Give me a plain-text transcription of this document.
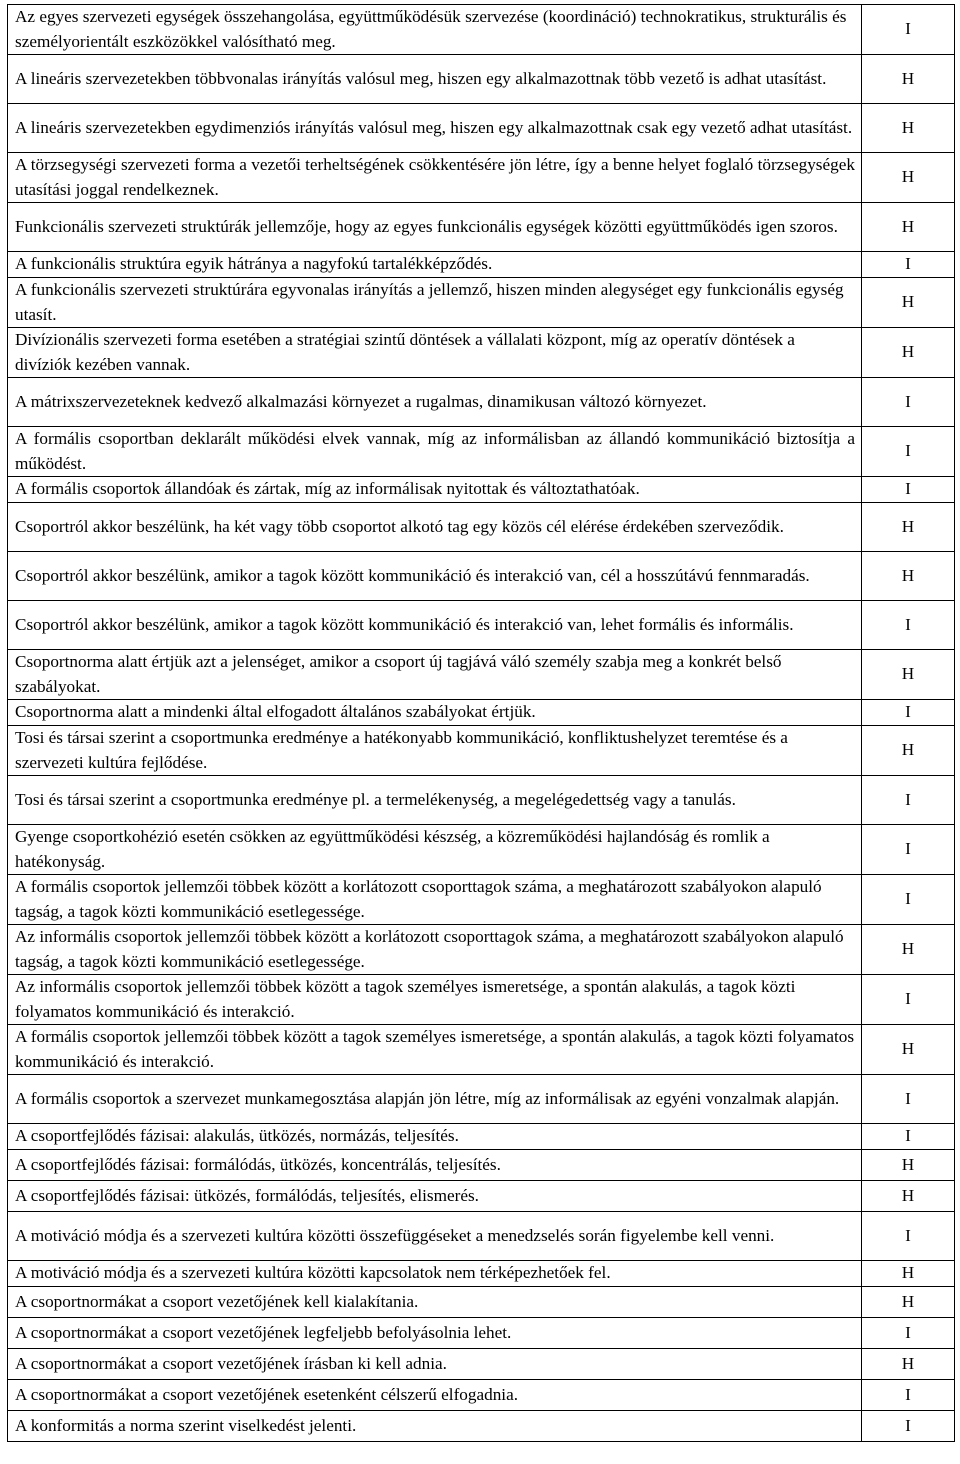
Az egyes szervezeti egységek összehangolása, együttműködésük szervezése (koordináció) technokratikus, strukturális és személyorientált eszközökkel valósítható meg.	I
A lineáris szervezetekben többvonalas irányítás valósul meg, hiszen egy alkalmazottnak több vezető is adhat utasítást.	H
A lineáris szervezetekben egydimenziós irányítás valósul meg, hiszen egy alkalmazottnak csak egy vezető adhat utasítást.	H
A törzsegységi szervezeti forma a vezetői terheltségének csökkentésére jön létre, így a benne helyet foglaló törzsegységek utasítási joggal rendelkeznek.	H
Funkcionális szervezeti struktúrák jellemzője, hogy az egyes funkcionális egységek közötti együttműködés igen szoros.	H
A funkcionális struktúra egyik hátránya a nagyfokú tartalékképződés.	I
A funkcionális szervezeti struktúrára egyvonalas irányítás a jellemző, hiszen minden alegységet egy funkcionális egység utasít.	H
Divízionális szervezeti forma esetében a stratégiai szintű döntések a vállalati központ, míg az operatív döntések a divíziók kezében vannak.	H
A mátrixszervezeteknek kedvező alkalmazási környezet a rugalmas, dinamikusan változó környezet.	I
A formális csoportban deklarált működési elvek vannak, míg az informálisban az állandó kommunikáció biztosítja a működést.	I
A formális csoportok állandóak és zártak, míg az informálisak nyitottak és változtathatóak.	I
Csoportról akkor beszélünk, ha két vagy több csoportot alkotó tag egy közös cél elérése érdekében szerveződik.	H
Csoportról akkor beszélünk, amikor a tagok között kommunikáció és interakció van, cél a hosszútávú fennmaradás.	H
Csoportról akkor beszélünk, amikor a tagok között kommunikáció és interakció van, lehet formális és informális.	I
Csoportnorma alatt értjük azt a jelenséget, amikor a csoport új tagjává váló személy szabja meg a konkrét belső szabályokat.	H
Csoportnorma alatt a mindenki által elfogadott általános szabályokat értjük.	I
Tosi és társai szerint a csoportmunka eredménye a hatékonyabb kommunikáció, konfliktushelyzet teremtése és a szervezeti kultúra fejlődése.	H
Tosi és társai szerint a csoportmunka eredménye pl. a termelékenység, a megelégedettség vagy a tanulás.	I
Gyenge csoportkohézió esetén csökken az együttműködési készség, a közreműködési hajlandóság és romlik a hatékonyság.	I
A formális csoportok jellemzői többek között a korlátozott csoporttagok száma, a meghatározott szabályokon alapuló tagság, a tagok közti kommunikáció esetlegessége.	I
Az informális csoportok jellemzői többek között a korlátozott csoporttagok száma, a meghatározott szabályokon alapuló tagság, a tagok közti kommunikáció esetlegessége.	H
Az informális csoportok jellemzői többek között a tagok személyes ismeretsége, a spontán alakulás, a tagok közti folyamatos kommunikáció és interakció.	I
A formális csoportok jellemzői többek között a tagok személyes ismeretsége, a spontán alakulás, a tagok közti folyamatos kommunikáció és interakció.	H
A formális csoportok a szervezet munkamegosztása alapján jön létre, míg az informálisak az egyéni vonzalmak alapján.	I
A csoportfejlődés fázisai: alakulás, ütközés, normázás, teljesítés.	I
A csoportfejlődés fázisai: formálódás, ütközés, koncentrálás, teljesítés.	H
A csoportfejlődés fázisai: ütközés, formálódás, teljesítés, elismerés.	H
A motiváció módja és a szervezeti kultúra közötti összefüggéseket a menedzselés során figyelembe kell venni.	I
A motiváció módja és a szervezeti kultúra közötti kapcsolatok nem térképezhetőek fel.	H
A csoportnormákat a csoport vezetőjének kell kialakítania.	H
A csoportnormákat a csoport vezetőjének legfeljebb befolyásolnia lehet.	I
A csoportnormákat a csoport vezetőjének írásban ki kell adnia.	H
A csoportnormákat a csoport vezetőjének esetenként célszerű elfogadnia.	I
A konformitás a norma szerint viselkedést jelenti.	I
